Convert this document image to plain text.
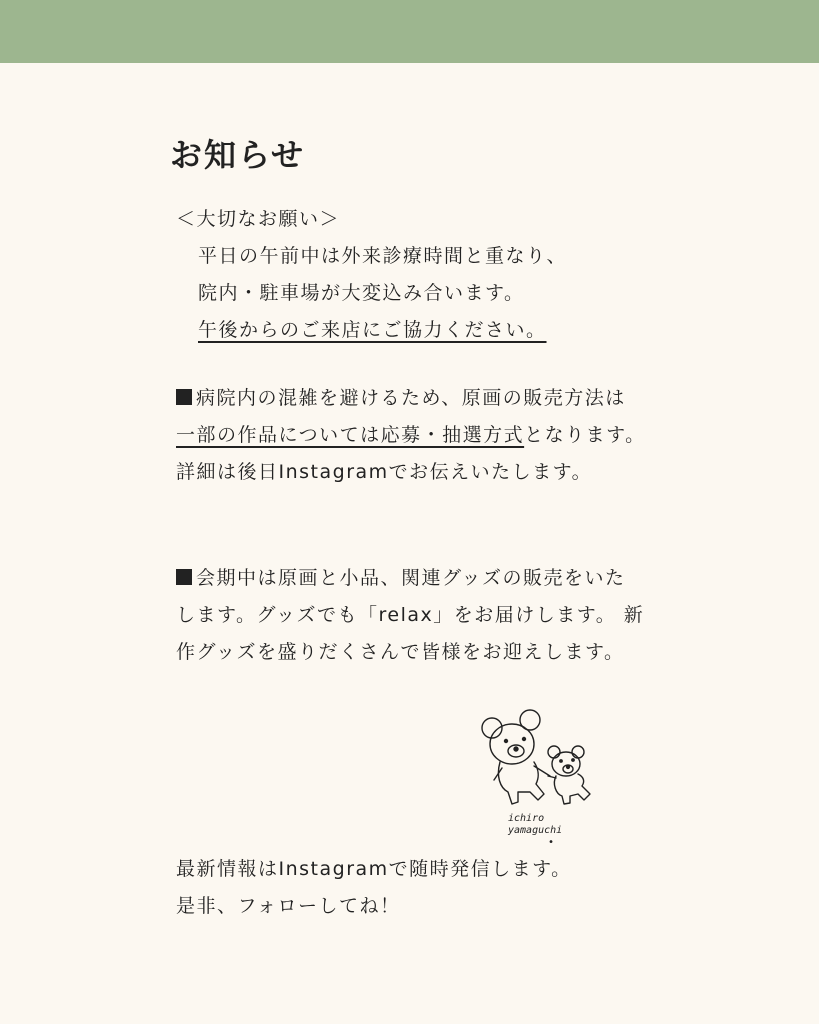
お知らせ
＜大切なお願い＞
平日の午前中は外来診療時間と重なり、
院内・駐車場が大変込み合います。
午後からのご来店にご協力ください。
病院内の混雑を避けるため、原画の販売方法は一部の作品については応募・抽選方式となります。詳細は後日Instagramでお伝えいたします。
会期中は原画と小品、関連グッズの販売をいたします。グッズでも「relax」をお届けします。 新作グッズを盛りだくさんで皆様をお迎えします。
ichiro
yamaguchi
•
最新情報はInstagramで随時発信します。
是非、フォローしてね！
